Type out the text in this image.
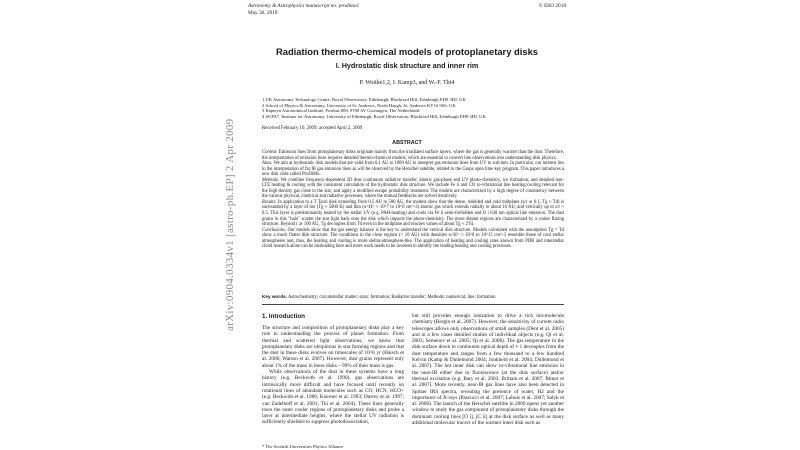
arXiv:0904.0334v1 [astro-ph.EP] 2 Apr 2009
Astronomy & Astrophysics manuscript no. prodimo1
May 30, 2018
© ESO 2018
Radiation thermo-chemical models of protoplanetary disks
I. Hydrostatic disk structure and inner rim
P. Woitke1,2, I. Kamp3, and W.-F. Thi4
1 UK Astronomy Technology Centre, Royal Observatory, Edinburgh, Blackford Hill, Edinburgh EH9 3HJ, UK
2 School of Physics & Astronomy, University of St. Andrews, North Haugh, St. Andrews KY16 9SS, UK
3 Kapteyn Astronomical Institute, Postbus 800, 9700 AV Groningen, The Netherlands
4 SUPA*, Institute for Astronomy, University of Edinburgh, Royal Observatory, Blackford Hill, Edinburgh EH9 3HJ, UK
Received February 10, 2009; accepted April 2, 2009
ABSTRACT

Context. Emission lines from protoplanetary disks originate mainly from the irradiated surface layers, where the gas is generally warmer than the dust. Therefore, the interpretation of emission lines requires detailed thermo-chemical models, which are essential to convert line observations into understanding disk physics.

Aims. We aim at hydrostatic disk models that are valid from 0.1 AU to 1000 AU to interpret gas emission lines from UV to sub-mm. In particular, our interest lies in the interpretation of far IR gas emission lines as will be observed by the Herschel satellite, related to the Gasps open time key program. This paper introduces a new disk code called ProDiMo.

Methods. We combine frequency-dependent 2D dust continuum radiative transfer, kinetic gas-phase and UV photo-chemistry, ice formation, and detailed non-LTE heating & cooling with the consistent calculation of the hydrostatic disk structure. We include Fe ii and CO ro-vibrational line heating/cooling relevant for the high-density gas close to the star, and apply a modified escape probability treatment. The models are characterized by a high degree of consistency between the various physical, chemical and radiative processes, where the mutual feedbacks are solved iteratively.

Results. In application to a T Tauri disk extending from 0.5 AU to 500 AU, the models show that the dense, shielded and cold midplane (z/r ≲ 0.1, Tg ≈ Td) is surrounded by a layer of hot (Tg ≈ 5000 K) and thin (n<H> ≈ 10^7 to 10^8 cm^-3) atomic gas which extends radially to about 10 AU, and vertically up to z/r ≈ 0.5. This layer is predominantly heated by the stellar UV (e.g. PAH-heating) and cools via Fe ii semi-forbidden and O i 630 nm optical line emission. The dust grains in this "halo" scatter the star light back onto the disk which impacts the photo-chemistry. The more distant regions are characterized by a cooler flaring structure. Beyond r ≳ 100 AU, Tg decouples from Td even in the midplane and reaches values of about Tg ≈ 2Td.

Conclusions. Our models show that the gas energy balance is the key to understand the vertical disk structure. Models calculated with the assumption Tg = Td show a much flatter disk structure. The conditions in the close regions (< 10 AU) with densities n<H> ≈ 10^8 to 10^15 cm^-3 resemble those of cool stellar atmospheres and, thus, the heating and cooling is more stellar-atmosphere-like. The application of heating and cooling rates known from PDR and interstellar cloud research alone can be misleading here and more work needs to be invested to identify the leading heating and cooling processes.

Key words. Astrochemistry; circumstellar matter; stars: formation; Radiative transfer; Methods: numerical; line: formation
1. Introduction

The structure and composition of protoplanetary disks play a key role in understanding the process of planet formation. From thermal and scattered light observations, we know that protoplanetary disks are ubiquitous in star forming regions and that the dust in these disks evolves on timescales of 10^6 yr (Haisch et al. 2006; Watson et al. 2007). However, dust grains represent only about 1% of the mass in these disks – 99% of their mass is gas.

While observations of the dust in these systems have a long history (e.g. Beckwith et al. 1990), gas observations are intrinsically more difficult and have focused until recently on rotational lines of abundant molecules such as CO, HCN, HCO+ (e.g. Beckwith et al. 1986; Koerner et al. 1993; Dutrey et al. 1997; van Zadelhoff et al. 2001; Thi et al. 2004). These lines generally trace the outer cooler regions of protoplanetary disks and probe a layer at intermediate heights, where the stellar UV radiation is sufficiently shielded to suppress photodissociation,

but still provides enough ionization to drive a rich ion-molecule chemistry (Bergin et al. 2007). However, the sensitivity of current radio telescopes allows only observations of small samples (Dent et al. 2005) and in a few cases detailed studies of individual objects (e.g. Qi et al. 2003; Semenov et al. 2005; Qi et al. 2008). The gas temperature in the disk surface down to continuum optical depth of ≈ 1 decouples from the dust temperature and ranges from a few thousand to a few hundred Kelvin (Kamp & Dullemond 2004; Jonkheid et al. 2004; Dullemond et al. 2007). The hot inner disk can show ro-vibrational line emission in the near-IR either due to fluorescence (at the disk surface) and/or thermal excitation (e.g. Bary et al. 2003; Brittain et al. 2007; Bitner et al. 2007). More recently, near-IR gas lines have also been detected in Spitzer IRS spectra, revealing the presence of water, H2 and the importance of X-rays (Pascucci et al. 2007; Lahuis et al. 2007; Salyk et al. 2008). The launch of the Herschel satellite in 2009 opens yet another window to study the gas component of protoplanetary disks through the dominant cooling lines [O i], [C ii] at the disk surface as well as many additional molecular tracers of the warmer inner disk such as

* The Scottish Universities Physics Alliance
